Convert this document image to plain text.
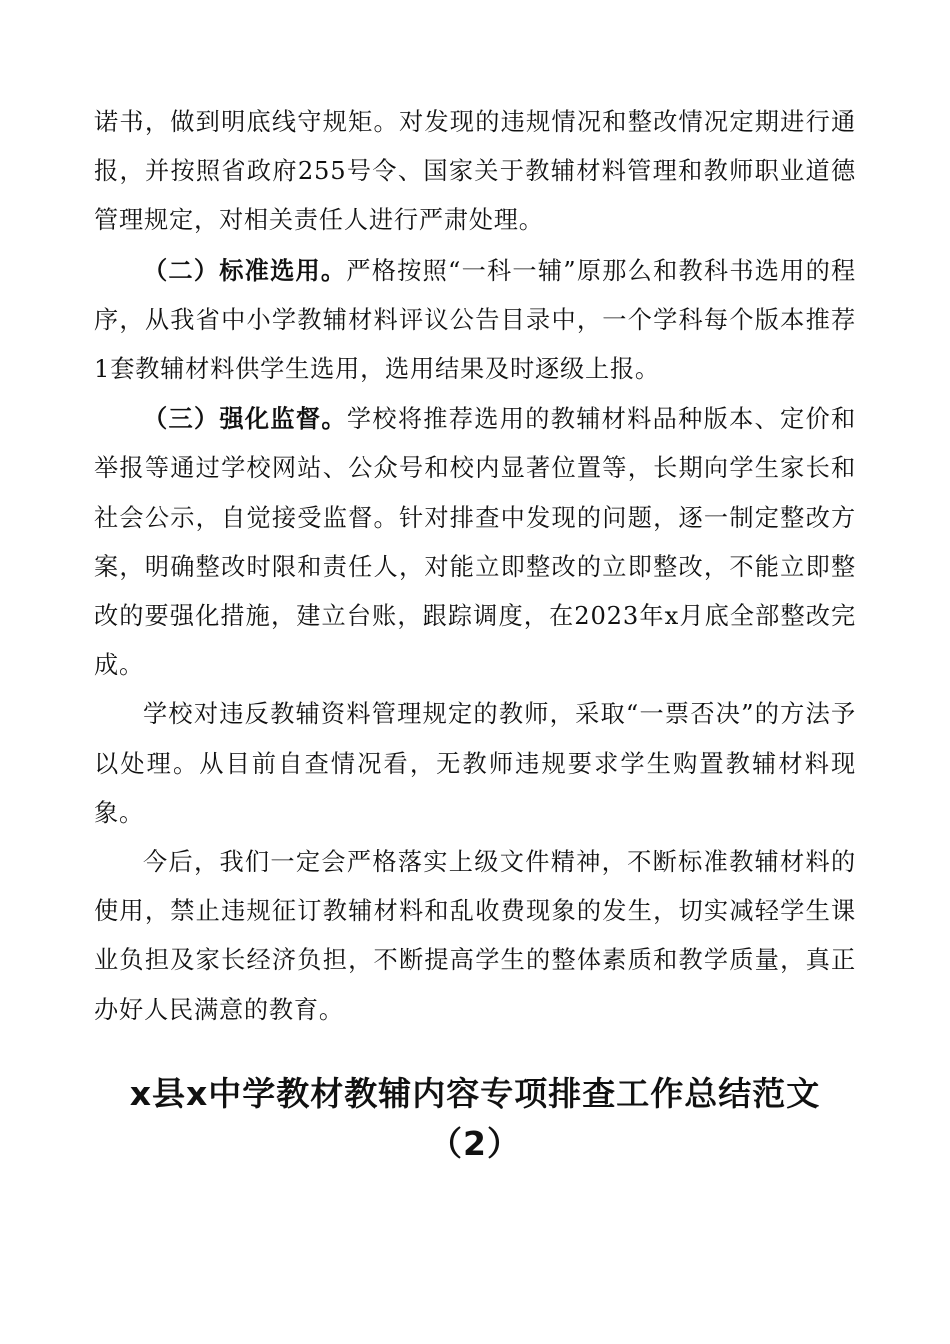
诺书，做到明底线守规矩。对发现的违规情况和整改情况定期进行通报，并按照省政府255号令、国家关于教辅材料管理和教师职业道德管理规定，对相关责任人进行严肃处理。

（二）标准选用。严格按照“一科一辅”原那么和教科书选用的程序，从我省中小学教辅材料评议公告目录中，一个学科每个版本推荐1套教辅材料供学生选用，选用结果及时逐级上报。

（三）强化监督。学校将推荐选用的教辅材料品种版本、定价和举报等通过学校网站、公众号和校内显著位置等，长期向学生家长和社会公示，自觉接受监督。针对排查中发现的问题，逐一制定整改方案，明确整改时限和责任人，对能立即整改的立即整改，不能立即整改的要强化措施，建立台账，跟踪调度，在2023年x月底全部整改完成。

学校对违反教辅资料管理规定的教师，采取“一票否决”的方法予以处理。从目前自查情况看，无教师违规要求学生购置教辅材料现象。

今后，我们一定会严格落实上级文件精神，不断标准教辅材料的使用，禁止违规征订教辅材料和乱收费现象的发生，切实减轻学生课业负担及家长经济负担，不断提高学生的整体素质和教学质量，真正办好人民满意的教育。

x县x中学教材教辅内容专项排查工作总结范文
（2）
